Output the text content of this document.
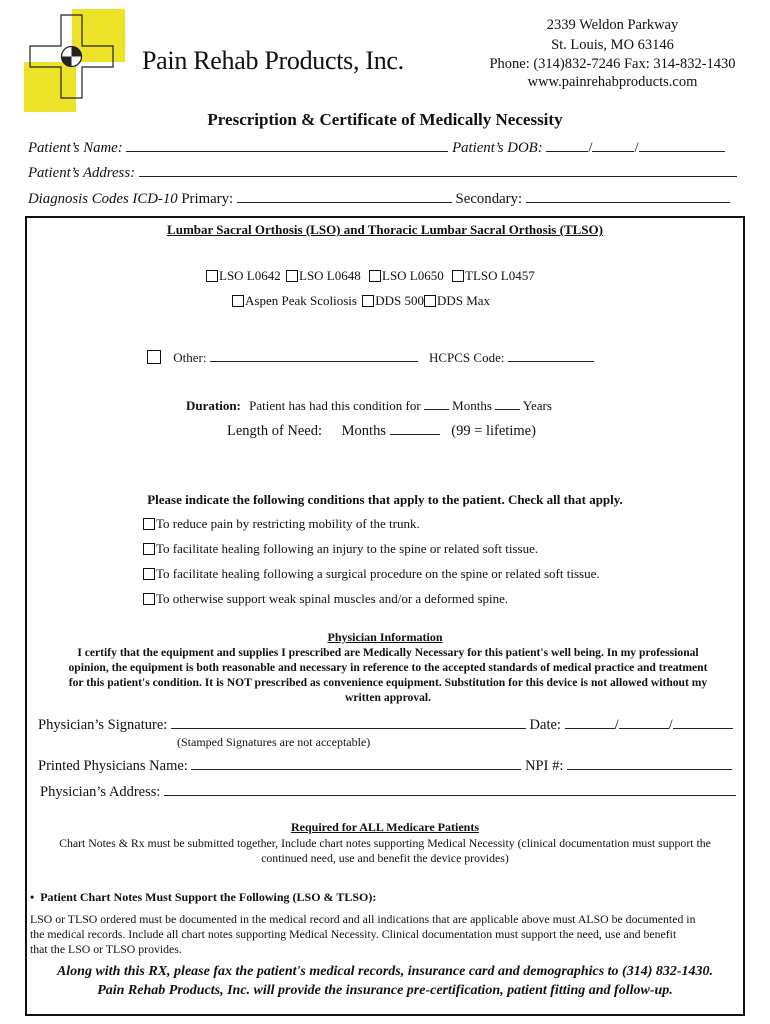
Pain Rehab Products, Inc.
2339 Weldon Parkway
St. Louis, MO 63146
Phone: (314)832-7246 Fax: 314-832-1430
www.painrehabproducts.com
Prescription & Certificate of Medically Necessity
Patient’s Name:	Patient’s DOB:	/	/
Patient’s Address:
Diagnosis Codes ICD-10 Primary:	Secondary:
Lumbar Sacral Orthosis (LSO) and Thoracic Lumbar Sacral Orthosis (TLSO)
LSO L0642 LSO L0648 LSO L0650 TLSO L0457
Aspen Peak Scoliosis DDS 500 DDS Max
Other:	HCPCS Code:
Duration: Patient has had this condition for Months Years
Length of Need: Months	(99 = lifetime)
Please indicate the following conditions that apply to the patient. Check all that apply.
To reduce pain by restricting mobility of the trunk.
To facilitate healing following an injury to the spine or related soft tissue.
To facilitate healing following a surgical procedure on the spine or related soft tissue.
To otherwise support weak spinal muscles and/or a deformed spine.
Physician Information
I certify that the equipment and supplies I prescribed are Medically Necessary for this patient's well being. In my professional
opinion, the equipment is both reasonable and necessary in reference to the accepted standards of medical practice and treatment
for this patient's condition. It is NOT prescribed as convenience equipment. Substitution for this device is not allowed without my
written approval.
Physician’s Signature:	Date:	/	/
(Stamped Signatures are not acceptable)
Printed Physicians Name:	NPI #:
Physician’s Address:
Required for ALL Medicare Patients
Chart Notes & Rx must be submitted together, Include chart notes supporting Medical Necessity (clinical documentation must support the
continued need, use and benefit the device provides)
• Patient Chart Notes Must Support the Following (LSO & TLSO):
LSO or TLSO ordered must be documented in the medical record and all indications that are applicable above must ALSO be documented in
the medical records. Include all chart notes supporting Medical Necessity. Clinical documentation must support the need, use and benefit
that the LSO or TLSO provides.
Along with this RX, please fax the patient's medical records, insurance card and demographics to (314) 832-1430.
Pain Rehab Products, Inc. will provide the insurance pre-certification, patient fitting and follow-up.
